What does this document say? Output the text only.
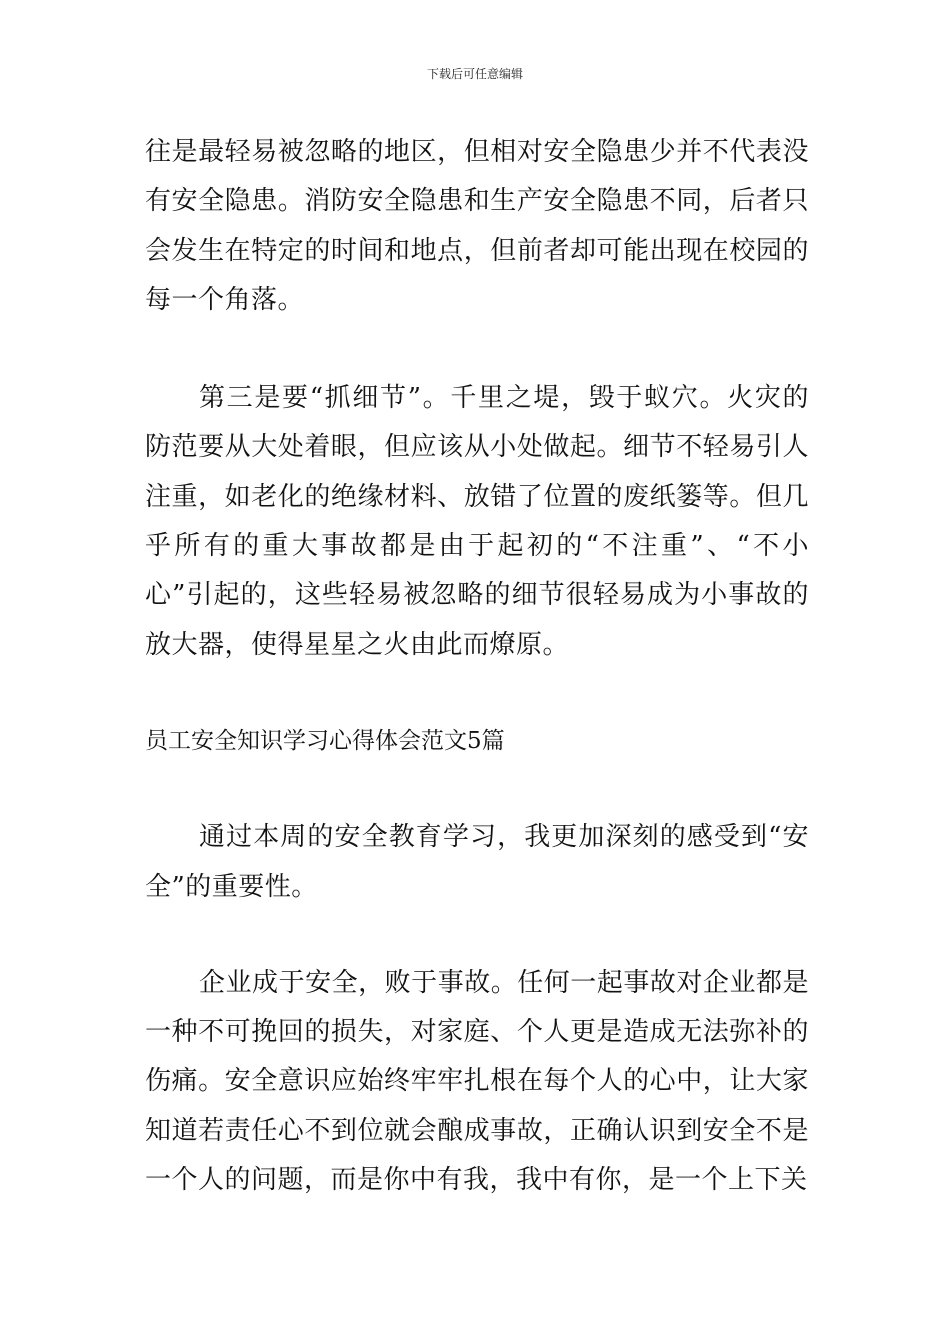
下载后可任意编辑

往是最轻易被忽略的地区，但相对安全隐患少并不代表没有安全隐患。消防安全隐患和生产安全隐患不同，后者只会发生在特定的时间和地点，但前者却可能出现在校园的每一个角落。

第三是要“抓细节”。千里之堤，毁于蚁穴。火灾的防范要从大处着眼，但应该从小处做起。细节不轻易引人注重，如老化的绝缘材料、放错了位置的废纸篓等。但几乎所有的重大事故都是由于起初的“不注重”、“不小心”引起的，这些轻易被忽略的细节很轻易成为小事故的放大器，使得星星之火由此而燎原。

员工安全知识学习心得体会范文5篇

通过本周的安全教育学习，我更加深刻的感受到“安全”的重要性。

企业成于安全，败于事故。任何一起事故对企业都是一种不可挽回的损失，对家庭、个人更是造成无法弥补的伤痛。安全意识应始终牢牢扎根在每个人的心中，让大家知道若责任心不到位就会酿成事故，正确认识到安全不是一个人的问题，而是你中有我，我中有你，是一个上下关
